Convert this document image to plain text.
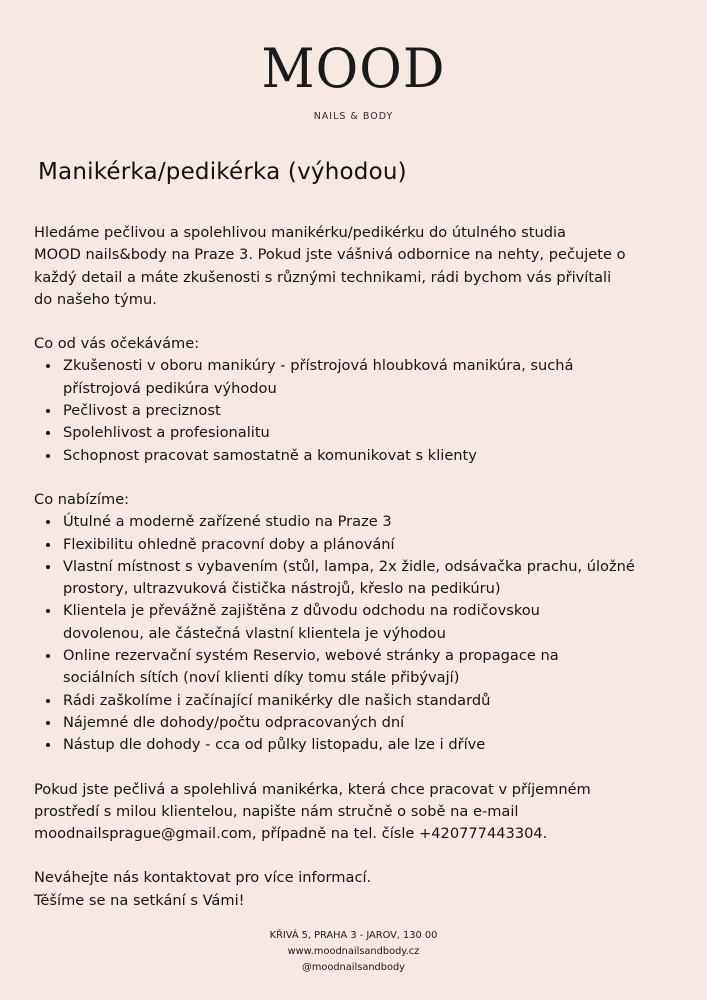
MOOD
NAILS & BODY
Manikérka/pedikérka (výhodou)

Hledáme pečlivou a spolehlivou manikérku/pedikérku do útulného studia
MOOD nails&body na Praze 3. Pokud jste vášnivá odbornice na nehty, pečujete o
každý detail a máte zkušenosti s různými technikami, rádi bychom vás přivítali
do našeho týmu.

Co od vás očekáváme:

• Zkušenosti v oboru manikúry - přístrojová hloubková manikúra, suchá
přístrojová pedikúra výhodou
• Pečlivost a preciznost
• Spolehlivost a profesionalitu
• Schopnost pracovat samostatně a komunikovat s klienty

Co nabízíme:

• Útulné a moderně zařízené studio na Praze 3
• Flexibilitu ohledně pracovní doby a plánování
• Vlastní místnost s vybavením (stůl, lampa, 2x židle, odsávačka prachu, úložné
prostory, ultrazvuková čistička nástrojů, křeslo na pedikúru)
• Klientela je převážně zajištěna z důvodu odchodu na rodičovskou
dovolenou, ale částečná vlastní klientela je výhodou
• Online rezervační systém Reservio, webové stránky a propagace na
sociálních sítích (noví klienti díky tomu stále přibývají)
• Rádi zaškolíme i začínající manikérky dle našich standardů
• Nájemné dle dohody/počtu odpracovaných dní
• Nástup dle dohody - cca od půlky listopadu, ale lze i dříve

Pokud jste pečlivá a spolehlivá manikérka, která chce pracovat v příjemném
prostředí s milou klientelou, napište nám stručně o sobě na e-mail
moodnailsprague@gmail.com, případně na tel. čísle +420777443304.

Neváhejte nás kontaktovat pro více informací.
Těšíme se na setkání s Vámi!

KŘIVÁ 5, PRAHA 3 - JAROV, 130 00
www.moodnailsandbody.cz
@moodnailsandbody
